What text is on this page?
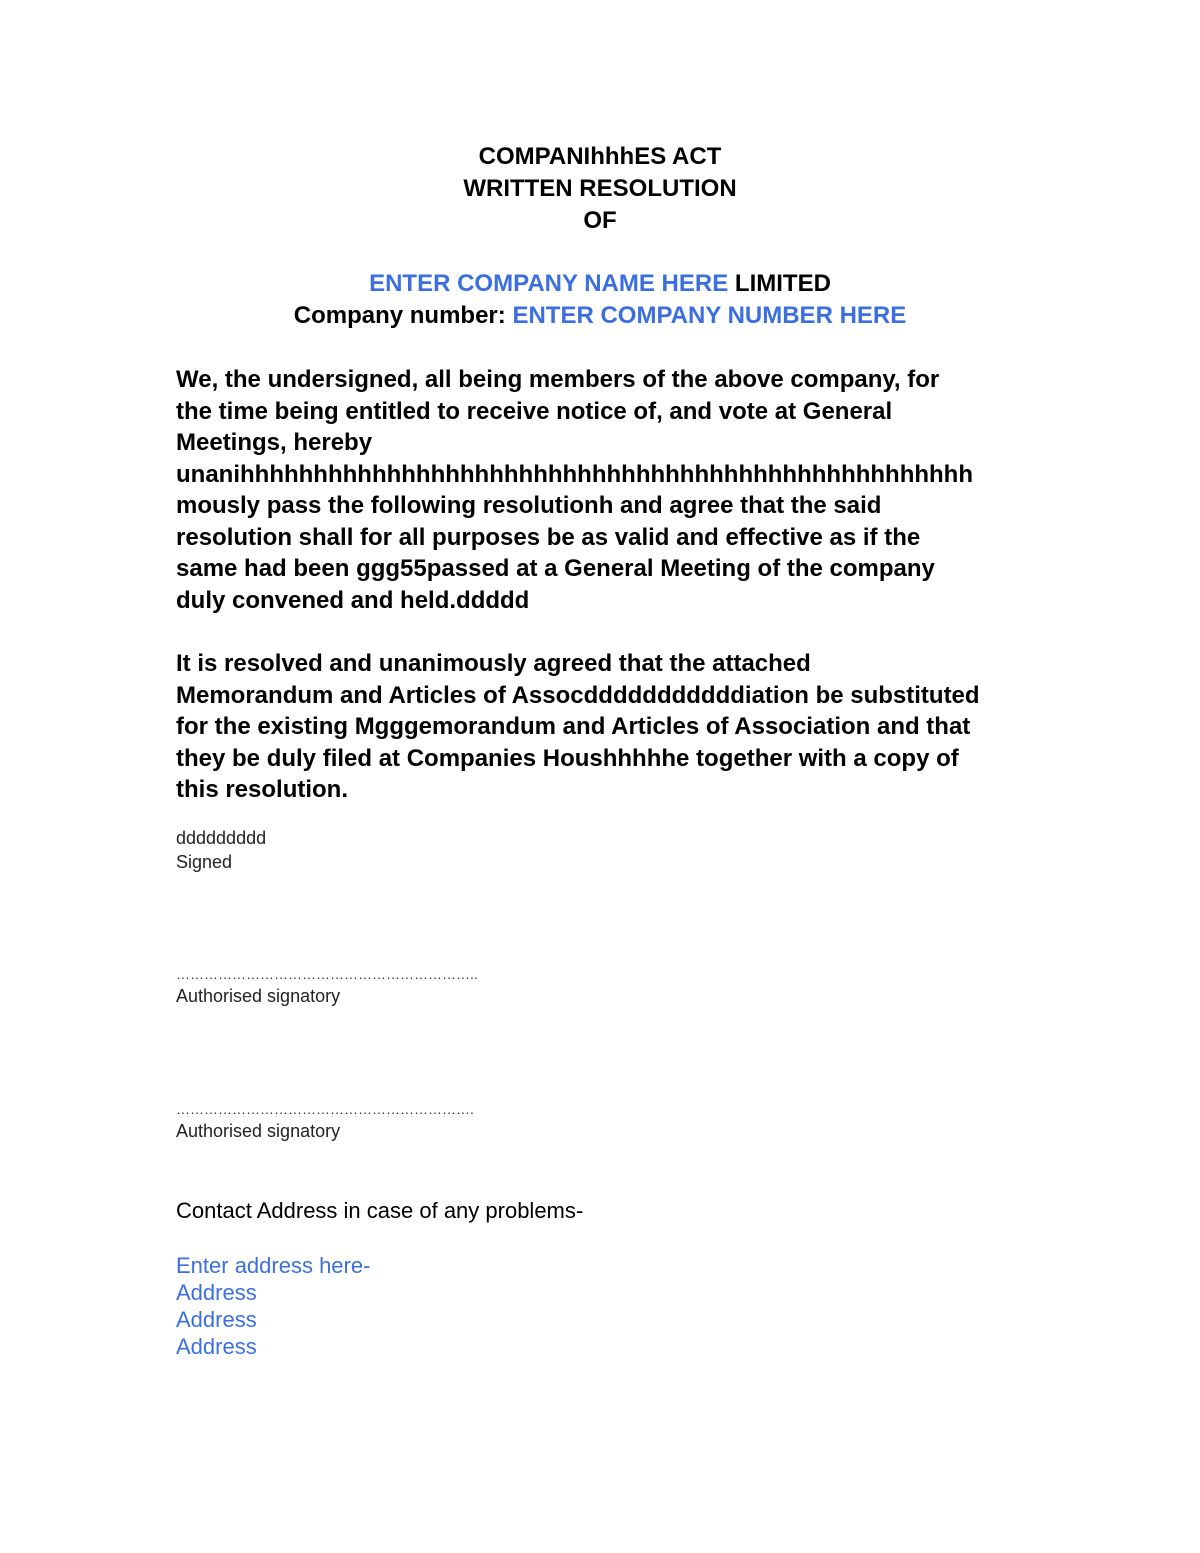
COMPANIhhhES ACT
WRITTEN RESOLUTION
OF
ENTER COMPANY NAME HERE LIMITED
Company number: ENTER COMPANY NUMBER HERE
We, the undersigned, all being members of the above company, for
the time being entitled to receive notice of, and vote at General
Meetings, hereby
unanihhhhhhhhhhhhhhhhhhhhhhhhhhhhhhhhhhhhhhhhhhhhhhhhhh
mously pass the following resolutionh and agree that the said
resolution shall for all purposes be as valid and effective as if the
same had been ggg55passed at a General Meeting of the company
duly convened and held.ddddd
It is resolved and unanimously agreed that the attached
Memorandum and Articles of Assocdddddddddddiation be substituted
for the existing Mgggemorandum and Articles of Association and that
they be duly filed at Companies Houshhhhhe together with a copy of
this resolution.
ddddddddd
Signed
………………………………………………………..
Authorised signatory
……………………………………………………….
Authorised signatory
Contact Address in case of any problems-
Enter address here-
Address
Address
Address
